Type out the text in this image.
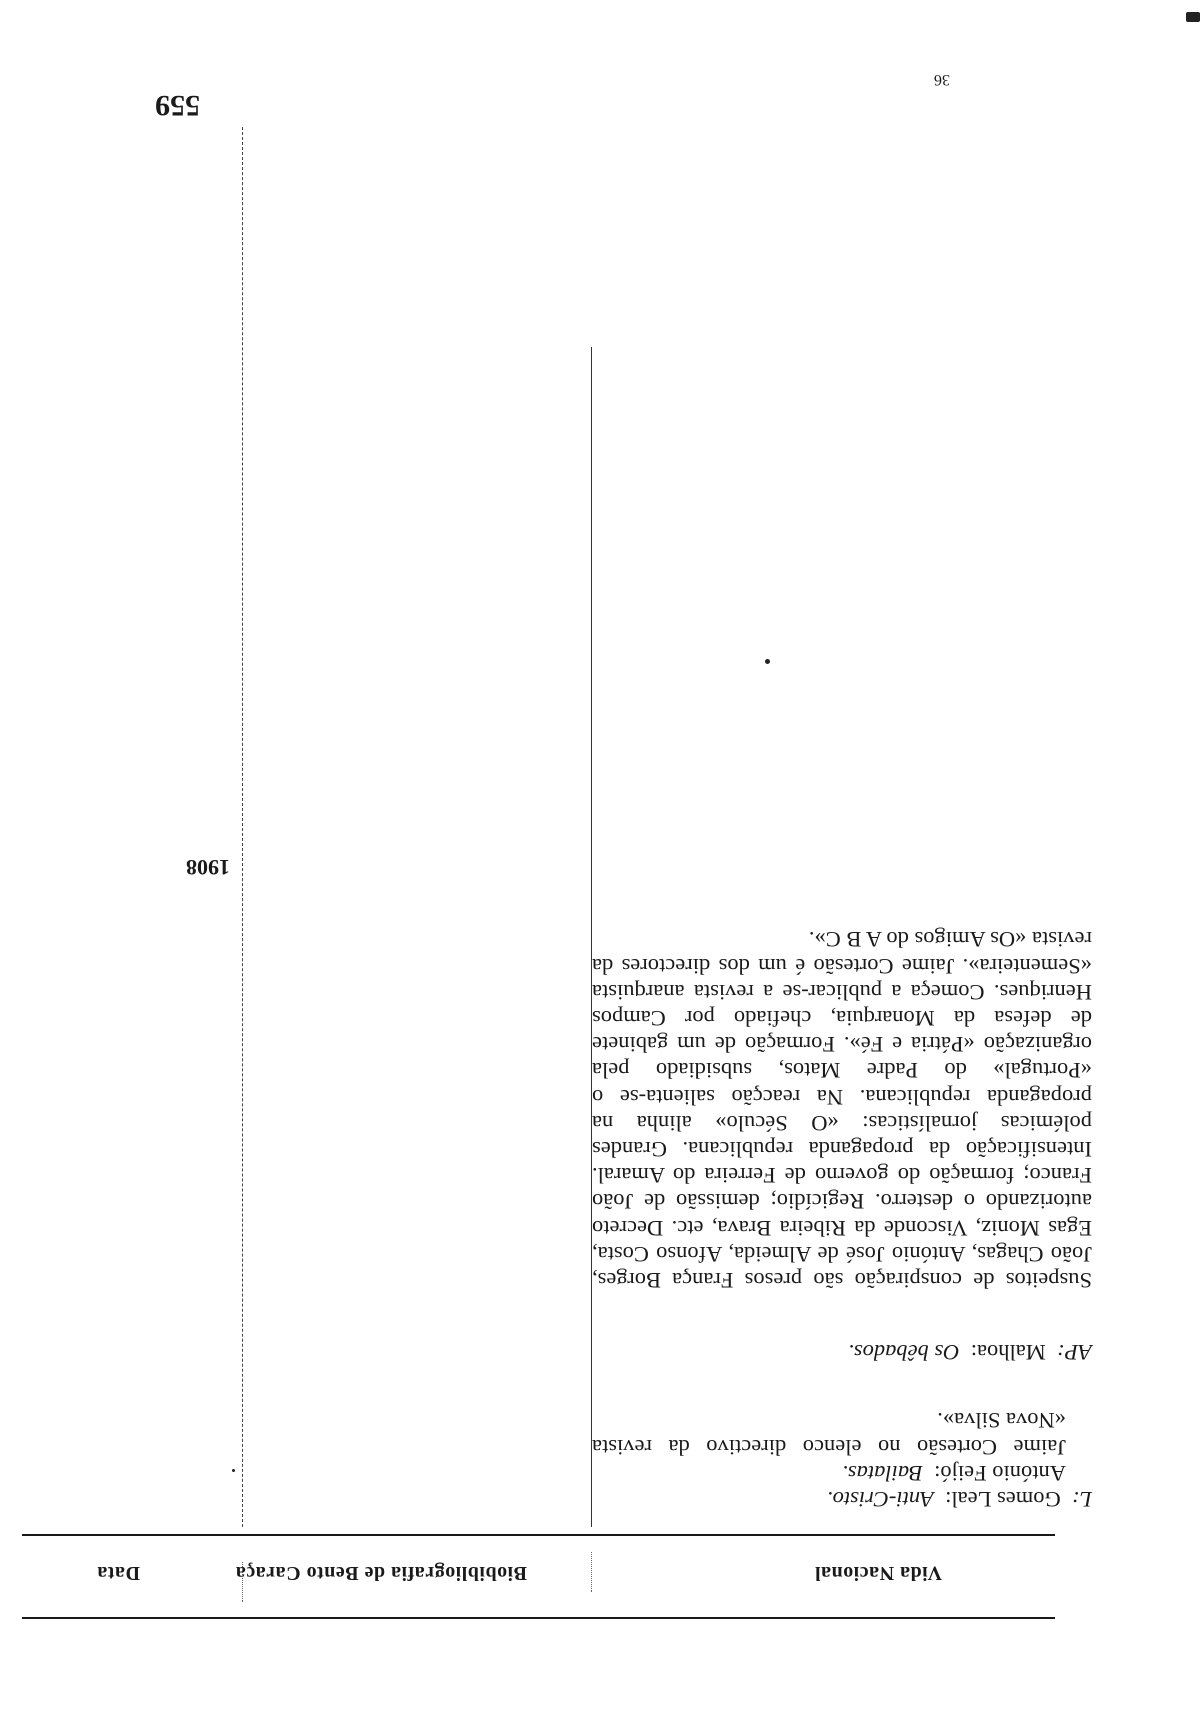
Vida Nacional
Biobibliografia de Bento Caraça
Data

L:  Gomes Leal:  Anti-Cristo.

António Feijó:  Bailatas.

Jaime Cortesão no elenco directivo da revista «Nova Silva».

AP:  Malhoa:  Os bêbados.

Suspeitos de conspiração são presos França Borges, João Chagas, António José de Almeida, Afonso Costa, Egas Moniz, Visconde da Ribeira Brava, etc. Decreto autorizando o desterro. Regicídio; demissão de João Franco; formação do governo de Ferreira do Amaral. Intensificação da propaganda republicana. Grandes polémicas jornalísticas: «O Século» alinha na propaganda republicana. Na reacção salienta-se o «Portugal» do Padre Matos, subsidiado pela organização «Pátria e Fé». Formação de um gabinete de defesa da Monarquia, chefiado por Campos Henriques. Começa a publicar-se a revista anarquista «Sementeira». Jaime Cortesão é um dos directores da revista «Os Amigos do A B C».

1908
559
36
